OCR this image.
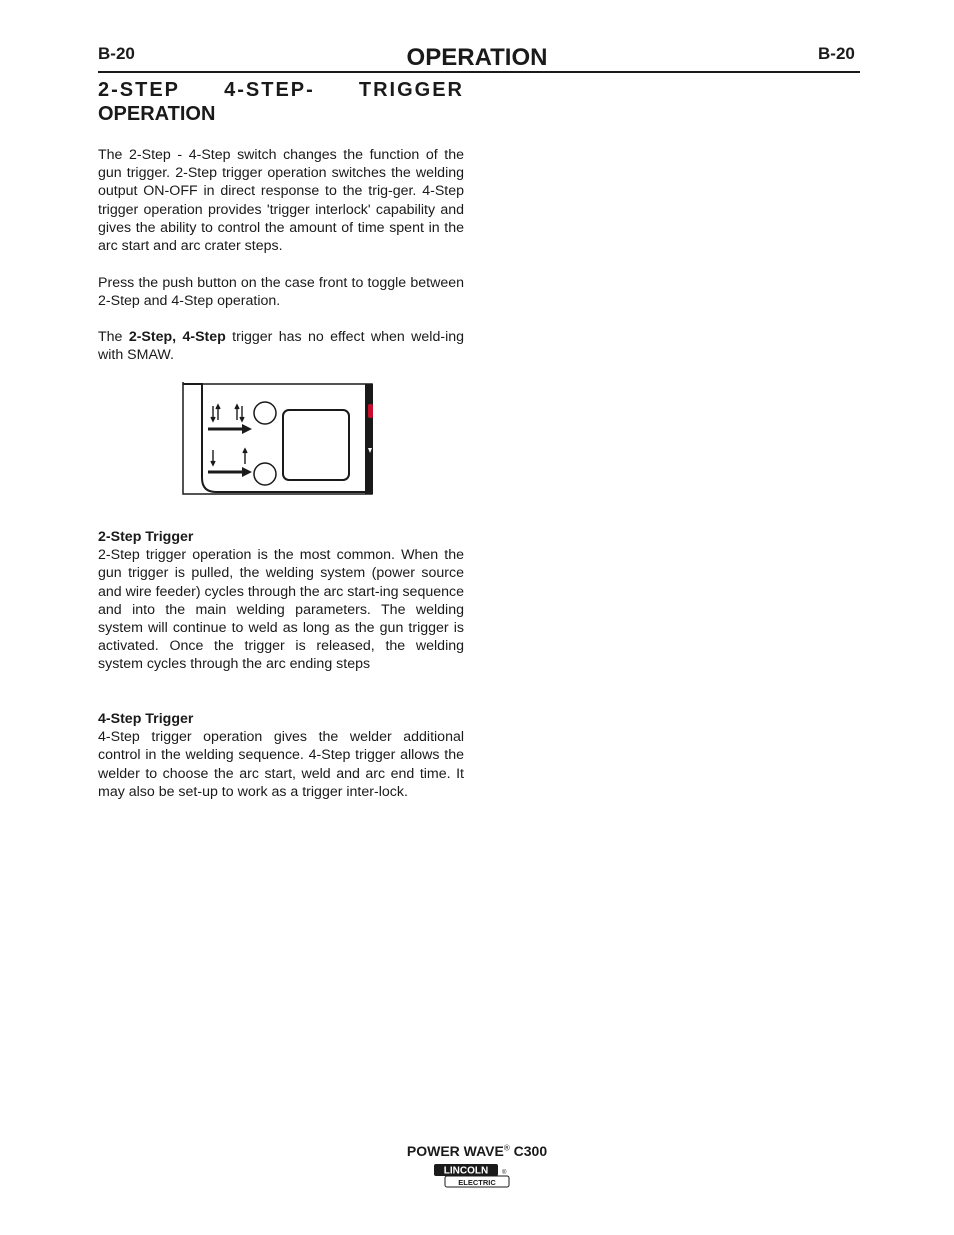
B-20	OPERATION	B-20
2-STEP 4-STEP- TRIGGER
OPERATION
The 2-Step - 4-Step switch changes the function of the gun trigger. 2-Step trigger operation switches the welding output ON-OFF in direct response to the trig-ger. 4-Step trigger operation provides 'trigger interlock' capability and gives the ability to control the amount of time spent in the arc start and arc crater steps.
Press the push button on the case front to toggle between 2-Step and 4-Step operation.
The 2-Step, 4-Step trigger has no effect when weld-ing with SMAW.
2-Step Trigger
2-Step trigger operation is the most common. When the gun trigger is pulled, the welding system (power source and wire feeder) cycles through the arc start-ing sequence and into the main welding parameters. The welding system will continue to weld as long as the gun trigger is activated. Once the trigger is released, the welding system cycles through the arc ending steps
4-Step Trigger
4-Step trigger operation gives the welder additional control in the welding sequence. 4-Step trigger allows the welder to choose the arc start, weld and arc end time. It may also be set-up to work as a trigger inter-lock.
POWER WAVE® C300
LINCOLN ®
ELECTRIC
